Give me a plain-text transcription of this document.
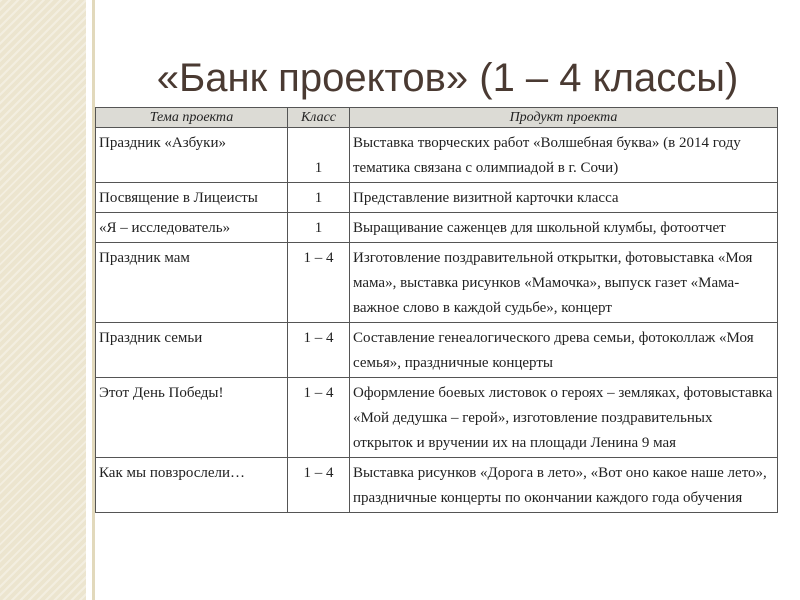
«Банк проектов» (1 – 4 классы)
Тема проекта	Класс	Продукт проекта
Праздник «Азбуки»	1	Выставка творческих работ «Волшебная буква» (в 2014 году тематика связана с олимпиадой в г. Сочи)
Посвящение в Лицеисты	1	Представление визитной карточки класса
«Я – исследователь»	1	Выращивание саженцев для школьной клумбы, фотоотчет
Праздник мам	1 – 4	Изготовление поздравительной открытки, фотовыставка «Моя мама», выставка рисунков «Мамочка», выпуск газет «Мама-важное слово в каждой судьбе», концерт
Праздник семьи	1 – 4	Составление генеалогического древа семьи, фотоколлаж «Моя семья», праздничные концерты
Этот День Победы!	1 – 4	Оформление боевых листовок о героях – земляках, фотовыставка «Мой дедушка – герой», изготовление поздравительных открыток и вручении их на площади Ленина 9 мая
Как мы повзрослели…	1 – 4	Выставка рисунков «Дорога в лето», «Вот оно какое наше лето», праздничные концерты по окончании каждого года обучения
